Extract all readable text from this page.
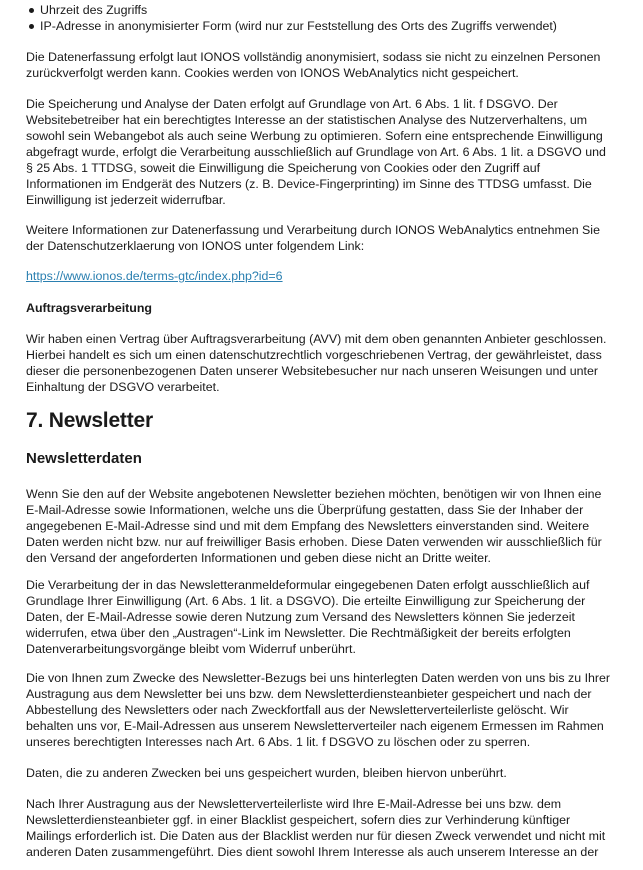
Uhrzeit des Zugriffs
IP-Adresse in anonymisierter Form (wird nur zur Feststellung des Orts des Zugriffs verwendet)

Die Datenerfassung erfolgt laut IONOS vollständig anonymisiert, sodass sie nicht zu einzelnen Personen zurückverfolgt werden kann. Cookies werden von IONOS WebAnalytics nicht gespeichert.

Die Speicherung und Analyse der Daten erfolgt auf Grundlage von Art. 6 Abs. 1 lit. f DSGVO. Der Websitebetreiber hat ein berechtigtes Interesse an der statistischen Analyse des Nutzerverhaltens, um sowohl sein Webangebot als auch seine Werbung zu optimieren. Sofern eine entsprechende Einwilligung abgefragt wurde, erfolgt die Verarbeitung ausschließlich auf Grundlage von Art. 6 Abs. 1 lit. a DSGVO und § 25 Abs. 1 TTDSG, soweit die Einwilligung die Speicherung von Cookies oder den Zugriff auf Informationen im Endgerät des Nutzers (z. B. Device-Fingerprinting) im Sinne des TTDSG umfasst. Die Einwilligung ist jederzeit widerrufbar.

Weitere Informationen zur Datenerfassung und Verarbeitung durch IONOS WebAnalytics entnehmen Sie der Datenschutzerklaerung von IONOS unter folgendem Link:

https://www.ionos.de/terms-gtc/index.php?id=6

Auftragsverarbeitung

Wir haben einen Vertrag über Auftragsverarbeitung (AVV) mit dem oben genannten Anbieter geschlossen. Hierbei handelt es sich um einen datenschutzrechtlich vorgeschriebenen Vertrag, der gewährleistet, dass dieser die personenbezogenen Daten unserer Websitebesucher nur nach unseren Weisungen und unter Einhaltung der DSGVO verarbeitet.

7. Newsletter
Newsletterdaten

Wenn Sie den auf der Website angebotenen Newsletter beziehen möchten, benötigen wir von Ihnen eine E-Mail-Adresse sowie Informationen, welche uns die Überprüfung gestatten, dass Sie der Inhaber der angegebenen E-Mail-Adresse sind und mit dem Empfang des Newsletters einverstanden sind. Weitere Daten werden nicht bzw. nur auf freiwilliger Basis erhoben. Diese Daten verwenden wir ausschließlich für den Versand der angeforderten Informationen und geben diese nicht an Dritte weiter.

Die Verarbeitung der in das Newsletteranmeldeformular eingegebenen Daten erfolgt ausschließlich auf Grundlage Ihrer Einwilligung (Art. 6 Abs. 1 lit. a DSGVO). Die erteilte Einwilligung zur Speicherung der Daten, der E-Mail-Adresse sowie deren Nutzung zum Versand des Newsletters können Sie jederzeit widerrufen, etwa über den „Austragen“-Link im Newsletter. Die Rechtmäßigkeit der bereits erfolgten Datenverarbeitungsvorgänge bleibt vom Widerruf unberührt.

Die von Ihnen zum Zwecke des Newsletter-Bezugs bei uns hinterlegten Daten werden von uns bis zu Ihrer Austragung aus dem Newsletter bei uns bzw. dem Newsletterdiensteanbieter gespeichert und nach der Abbestellung des Newsletters oder nach Zweckfortfall aus der Newsletterverteilerliste gelöscht. Wir behalten uns vor, E-Mail-Adressen aus unserem Newsletterverteiler nach eigenem Ermessen im Rahmen unseres berechtigten Interesses nach Art. 6 Abs. 1 lit. f DSGVO zu löschen oder zu sperren.

Daten, die zu anderen Zwecken bei uns gespeichert wurden, bleiben hiervon unberührt.

Nach Ihrer Austragung aus der Newsletterverteilerliste wird Ihre E-Mail-Adresse bei uns bzw. dem Newsletterdiensteanbieter ggf. in einer Blacklist gespeichert, sofern dies zur Verhinderung künftiger Mailings erforderlich ist. Die Daten aus der Blacklist werden nur für diesen Zweck verwendet und nicht mit anderen Daten zusammengeführt. Dies dient sowohl Ihrem Interesse als auch unserem Interesse an der
